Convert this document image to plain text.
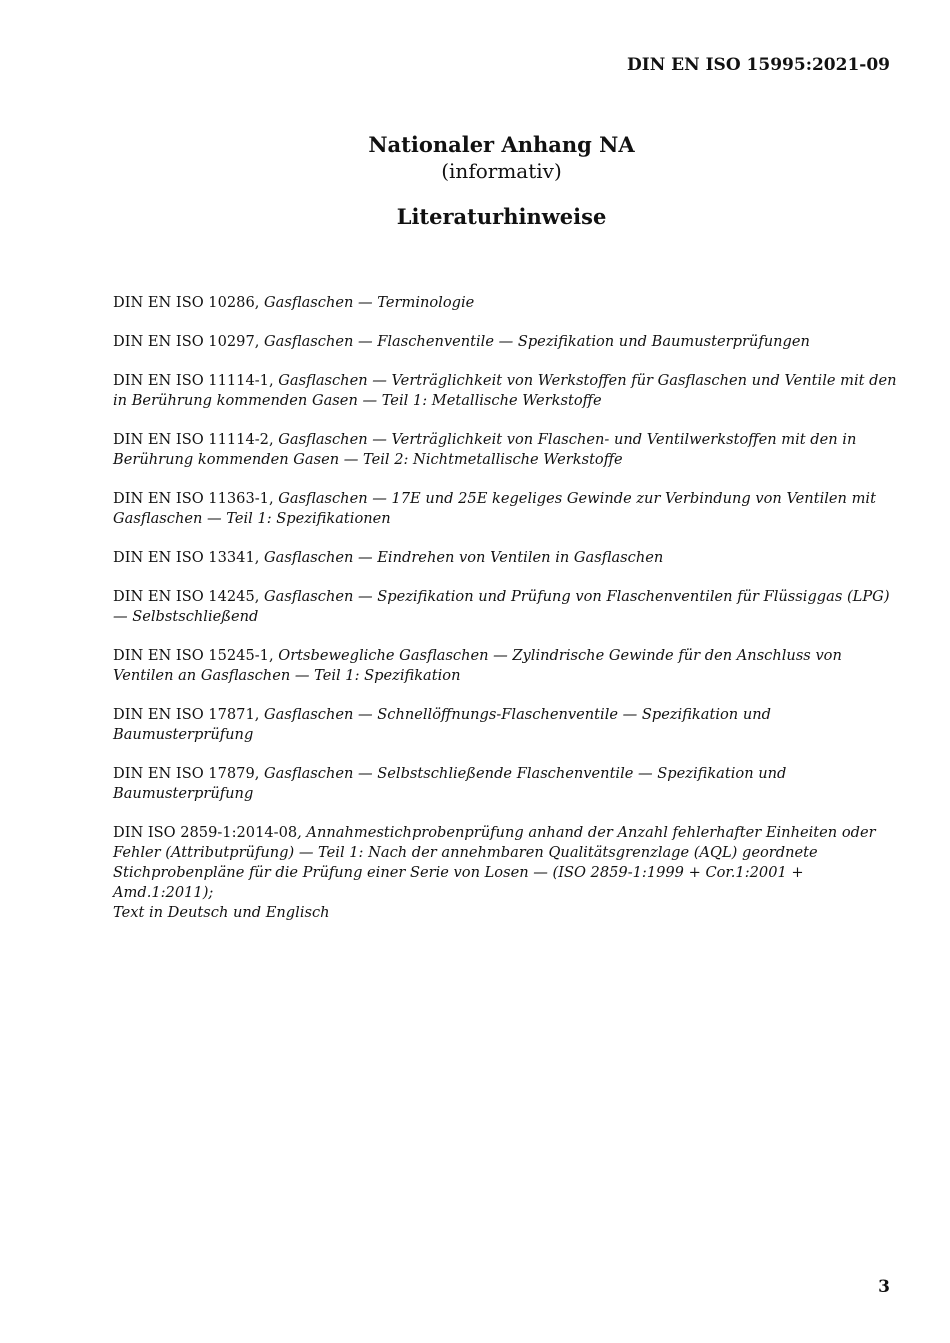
DIN EN ISO 15995:2021-09
Nationaler Anhang NA
(informativ)
Literaturhinweise

DIN EN ISO 10286, Gasflaschen — Terminologie

DIN EN ISO 10297, Gasflaschen — Flaschenventile — Spezifikation und Baumusterprüfungen

DIN EN ISO 11114-1, Gasflaschen — Verträglichkeit von Werkstoffen für Gasflaschen und Ventile mit den in Berührung kommenden Gasen — Teil 1: Metallische Werkstoffe

DIN EN ISO 11114-2, Gasflaschen — Verträglichkeit von Flaschen- und Ventilwerkstoffen mit den in Berührung kommenden Gasen — Teil 2: Nichtmetallische Werkstoffe

DIN EN ISO 11363-1, Gasflaschen — 17E und 25E kegeliges Gewinde zur Verbindung von Ventilen mit Gasflaschen — Teil 1: Spezifikationen

DIN EN ISO 13341, Gasflaschen — Eindrehen von Ventilen in Gasflaschen

DIN EN ISO 14245, Gasflaschen — Spezifikation und Prüfung von Flaschenventilen für Flüssiggas (LPG) — Selbstschließend

DIN EN ISO 15245-1, Ortsbewegliche Gasflaschen — Zylindrische Gewinde für den Anschluss von Ventilen an Gasflaschen — Teil 1: Spezifikation

DIN EN ISO 17871, Gasflaschen — Schnellöffnungs-Flaschenventile — Spezifikation und Baumusterprüfung

DIN EN ISO 17879, Gasflaschen — Selbstschließende Flaschenventile — Spezifikation und Baumusterprüfung

DIN ISO 2859-1:2014-08, Annahmestichprobenprüfung anhand der Anzahl fehlerhafter Einheiten oder Fehler (Attributprüfung) — Teil 1: Nach der annehmbaren Qualitätsgrenzlage (AQL) geordnete Stichprobenpläne für die Prüfung einer Serie von Losen — (ISO 2859-1:1999 + Cor.1:2001 + Amd.1:2011);
Text in Deutsch und Englisch

3
